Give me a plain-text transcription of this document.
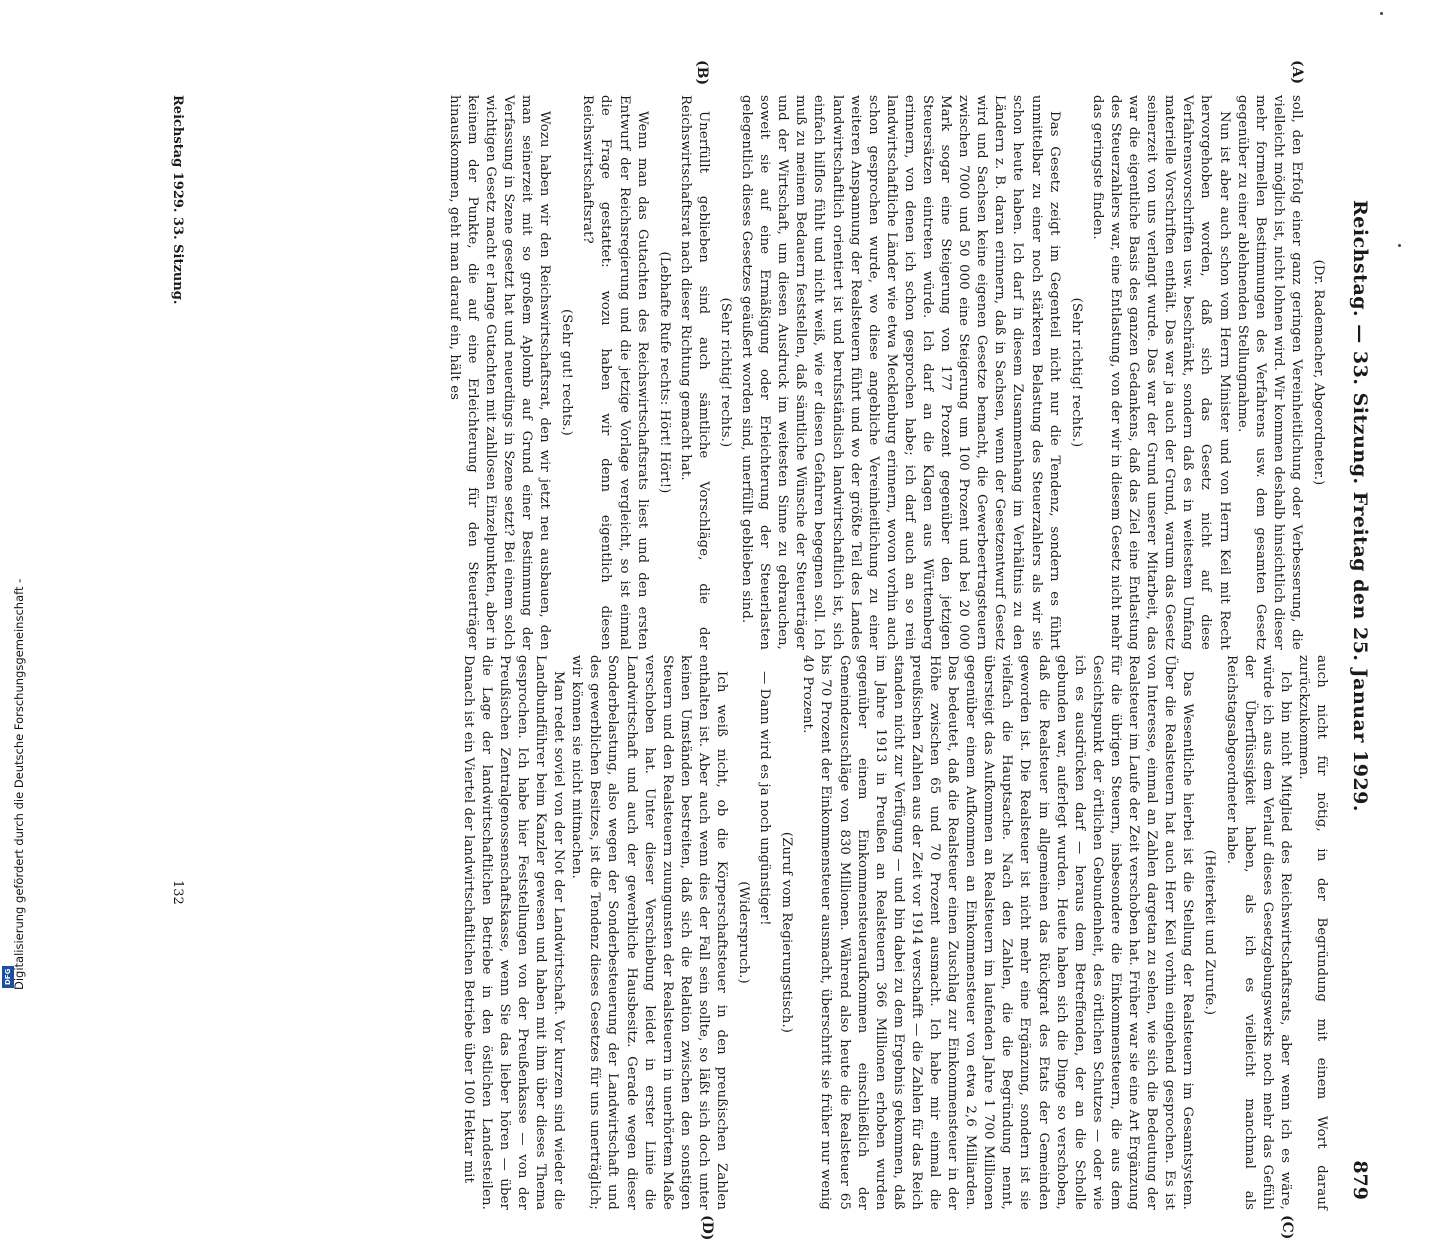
DFG Digitalisierung gefördert durch die Deutsche Forschungsgemeinschaft -	Reichstag. — 33. Sitzung. Freitag den 25. Januar 1929.
879
(A)
(B)
(C)
(D)

(Dr. Rademacher, Abgeordneter.)

soll, den Erfolg einer ganz geringen Vereinheitlichung oder Verbesserung, die vielleicht möglich ist, nicht lohnen wird. Wir kommen deshalb hinsichtlich dieser mehr formellen Bestimmungen des Verfahrens usw. dem gesamten Gesetz gegenüber zu einer ablehnenden Stellungnahme.

Nun ist aber auch schon vom Herrn Minister und von Herrn Keil mit Recht hervorgehoben worden, daß sich das Gesetz nicht auf diese Verfahrensvorschriften usw. beschränkt, sondern daß es in weitestem Umfang materielle Vorschriften enthält. Das war ja auch der Grund, warum das Gesetz seinerzeit von uns verlangt wurde. Das war der Grund unserer Mitarbeit, das war die eigentliche Basis des ganzen Gedankens, daß das Ziel eine Entlastung des Steuerzahlers war, eine Entlastung, von der wir in diesem Gesetz nicht mehr das geringste finden.

(Sehr richtig! rechts.)

Das Gesetz zeigt im Gegenteil nicht nur die Tendenz, sondern es führt unmittelbar zu einer noch stärkeren Belastung des Steuerzahlers als wir sie schon heute haben. Ich darf in diesem Zusammenhang im Verhältnis zu den Ländern z. B. daran erinnern, daß in Sachsen, wenn der Gesetzentwurf Gesetz wird und Sachsen keine eigenen Gesetze bemacht, die Gewerbeertragsteuern zwischen 7000 und 50 000 eine Steigerung um 100 Prozent und bei 20 000 Mark sogar eine Steigerung von 177 Prozent gegenüber den jetzigen Steuersätzen eintreten würde. Ich darf an die Klagen aus Württemberg erinnern, von denen ich schon gesprochen habe; ich darf auch an so rein landwirtschaftliche Länder wie etwa Mecklenburg erinnern, wovon vorhin auch schon gesprochen wurde, wo diese angebliche Vereinheitlichung zu einer weiteren Anspannung der Realsteuern führt und wo der größte Teil des Landes landwirtschaftlich orientiert ist und berufsständisch landwirtschaftlich ist, sich einfach hilflos fühlt und nicht weiß, wie er diesen Gefahren begegnen soll. Ich muß zu meinem Bedauern feststellen, daß sämtliche Wünsche der Steuerträger und der Wirtschaft, um diesen Ausdruck im weitesten Sinne zu gebrauchen, soweit sie auf eine Ermäßigung oder Erleichterung der Steuerlasten gelegentlich dieses Gesetzes geäußert worden sind, unerfüllt geblieben sind.

(Sehr richtig! rechts.)

Unerfüllt geblieben sind auch sämtliche Vorschläge, die der Reichswirtschaftsrat nach dieser Richtung gemacht hat.

(Lebhafte Rufe rechts: Hört! Hört!)

Wenn man das Gutachten des Reichswirtschaftsrats liest und den ersten Entwurf der Reichsregierung und die jetzige Vorlage vergleicht, so ist einmal die Frage gestattet: wozu haben wir denn eigentlich diesen Reichswirtschaftsrat?

(Sehr gut! rechts.)

Wozu haben wir den Reichswirtschaftsrat, den wir jetzt neu ausbauen, den man seinerzeit mit so großem Aplomb auf Grund einer Bestimmung der Verfassung in Szene gesetzt hat und neuerdings in Szene setzt? Bei einem solch wichtigen Gesetz macht er lange Gutachten mit zahllosen Einzelpunkten, aber in keinem der Punkte, die auf eine Erleichterung für den Steuerträger hinauskommen, geht man darauf ein, hält es

auch nicht für nötig, in der Begründung mit einem Wort darauf zurückzukommen.

Ich bin nicht Mitglied des Reichswirtschaftsrats, aber wenn ich es wäre, würde ich aus dem Verlauf dieses Gesetzgebungswerks noch mehr das Gefühl der Überflüssigkeit haben, als ich es vielleicht manchmal als Reichstagsabgeordneter habe.

(Heiterkeit und Zurufe.)

Das Wesentliche hierbei ist die Stellung der Realsteuern im Gesamtsystem. Über die Realsteuern hat auch Herr Keil vorhin eingehend gesprochen. Es ist von Interesse, einmal an Zahlen dargetan zu sehen, wie sich die Bedeutung der Realsteuer im Laufe der Zeit verschoben hat. Früher war sie eine Art Ergänzung für die übrigen Steuern, insbesondere die Einkommensteuern, die aus dem Gesichtspunkt der örtlichen Gebundenheit, des örtlichen Schutzes — oder wie ich es ausdrücken darf — heraus dem Betreffenden, der an die Scholle gebunden war, auferlegt wurden. Heute haben sich die Dinge so verschoben, daß die Realsteuer im allgemeinen das Rückgrat des Etats der Gemeinden geworden ist. Die Realsteuer ist nicht mehr eine Ergänzung, sondern ist sie vielfach die Hauptsache. Nach den Zahlen, die die Begründung nennt, übersteigt das Aufkommen an Realsteuern im laufenden Jahre 1 700 Millionen gegenüber einem Aufkommen an Einkommensteuer von etwa 2,6 Milliarden. Das bedeutet, daß die Realsteuer einen Zuschlag zur Einkommensteuer in der Höhe zwischen 65 und 70 Prozent ausmacht. Ich habe mir einmal die preußischen Zahlen aus der Zeit vor 1914 verschafft — die Zahlen für das Reich standen nicht zur Verfügung — und bin dabei zu dem Ergebnis gekommen, daß im Jahre 1913 in Preußen an Realsteuern 366 Millionen erhoben wurden gegenüber einem Einkommensteueraufkommen einschließlich der Gemeindezuschläge von 830 Millionen. Während also heute die Realsteuer 65 bis 70 Prozent der Einkommensteuer ausmacht, überschritt sie früher nur wenig 40 Prozent.

(Zuruf vom Regierungstisch.)

— Dann wird es ja noch ungünstiger!

(Widerspruch.)

Ich weiß nicht, ob die Körperschaftsteuer in den preußischen Zahlen enthalten ist. Aber auch wenn dies der Fall sein sollte, so läßt sich doch unter keinen Umständen bestreiten, daß sich die Relation zwischen den sonstigen Steuern und den Realsteuern zuungunsten der Realsteuern in unerhörtem Maße verschoben hat. Unter dieser Verschiebung leidet in erster Linie die Landwirtschaft und auch der gewerbliche Hausbesitz. Gerade wegen dieser Sonderbelastung, also wegen der Sonderbesteuerung der Landwirtschaft und des gewerblichen Besitzes, ist die Tendenz dieses Gesetzes für uns unerträglich; wir können sie nicht mitmachen.

Man redet soviel von der Not der Landwirtschaft. Vor kurzem sind wieder die Landbundführer beim Kanzler gewesen und haben mit ihm über dieses Thema gesprochen. Ich habe hier Feststellungen von der Preußenkasse — von der Preußischen Zentralgenossenschaftskasse, wenn Sie das lieber hören — über die Lage der landwirtschaftlichen Betriebe in den östlichen Landesteilen. Danach ist ein Viertel der landwirtschaftlichen Betriebe über 100 Hektar mit

Reichstag 1929. 33. Sitzung.
132
